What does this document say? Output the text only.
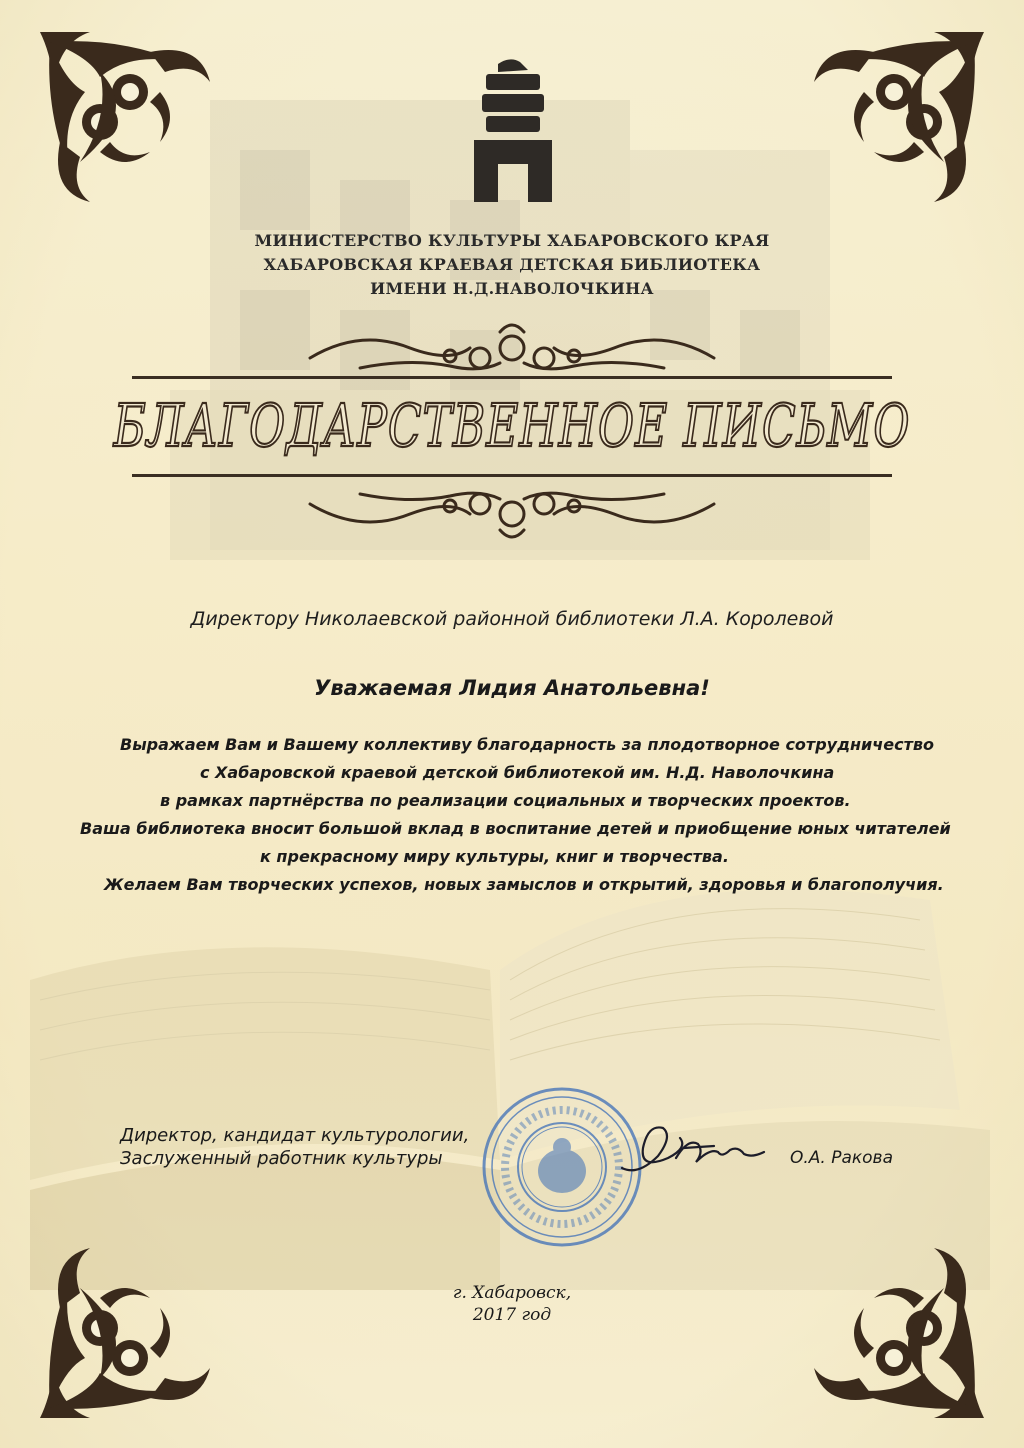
МИНИСТЕРСТВО КУЛЬТУРЫ ХАБАРОВСКОГО КРАЯ
ХАБАРОВСКАЯ КРАЕВАЯ ДЕТСКАЯ БИБЛИОТЕКА
ИМЕНИ Н.Д.НАВОЛОЧКИНА
БЛАГОДАРСТВЕННОЕ ПИСЬМО
Директору Николаевской районной библиотеки Л.А. Королевой
Уважаемая Лидия Анатольевна!
Выражаем Вам и Вашему коллективу благодарность за плодотворное сотрудничество
с Хабаровской краевой детской библиотекой им. Н.Д. Наволочкина
в рамках партнёрства по реализации социальных и творческих проектов.
Ваша библиотека вносит большой вклад в воспитание детей и приобщение юных читателей
к прекрасному миру культуры, книг и творчества.
Желаем Вам творческих успехов, новых замыслов и открытий, здоровья и благополучия.
Директор, кандидат культурологии,
Заслуженный работник культуры	О.А. Ракова
г. Хабаровск,
2017 год
